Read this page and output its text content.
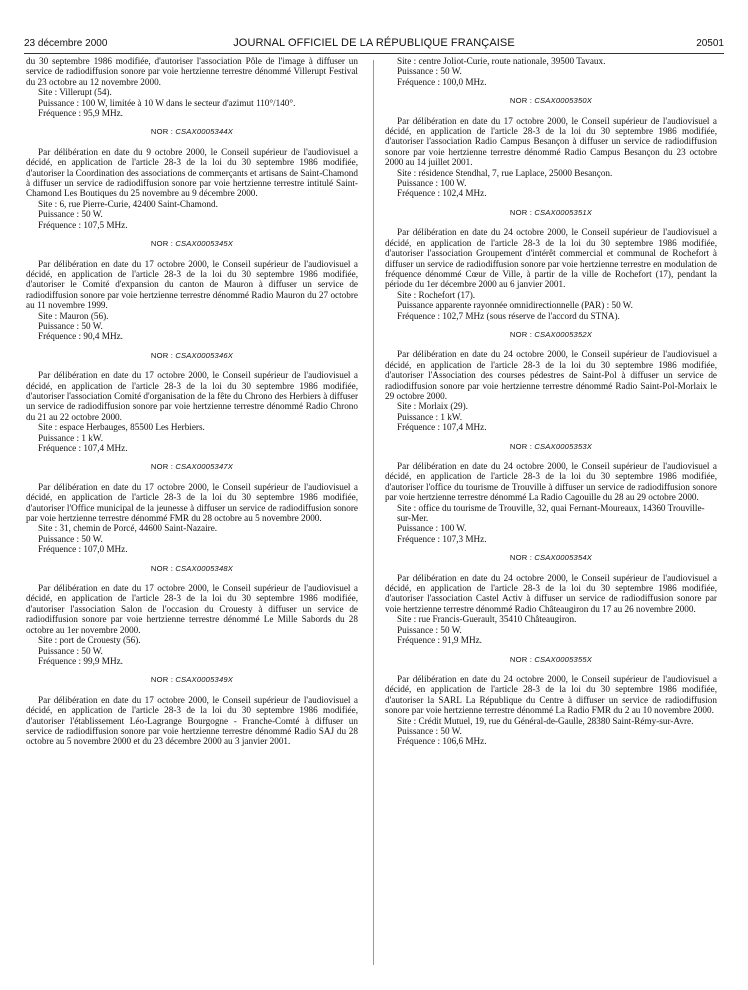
23 décembre 2000	JOURNAL OFFICIEL DE LA RÉPUBLIQUE FRANÇAISE	20501

du 30 septembre 1986 modifiée, d'autoriser l'association Pôle de l'image à diffuser un service de radiodiffusion sonore par voie hertzienne terrestre dénommé Villerupt Festival du 23 octobre au 12 novembre 2000.

Site : Villerupt (54).

Puissance : 100 W, limitée à 10 W dans le secteur d'azimut 110°/140°.

Fréquence : 95,9 MHz.

NOR : CSAX0005344X

Par délibération en date du 9 octobre 2000, le Conseil supérieur de l'audiovisuel a décidé, en application de l'article 28-3 de la loi du 30 septembre 1986 modifiée, d'autoriser la Coordination des associations de commerçants et artisans de Saint-Chamond à diffuser un service de radiodiffusion sonore par voie hertzienne terrestre intitulé Saint-Chamond Les Boutiques du 25 novembre au 9 décembre 2000.

Site : 6, rue Pierre-Curie, 42400 Saint-Chamond.

Puissance : 50 W.

Fréquence : 107,5 MHz.

NOR : CSAX0005345X

Par délibération en date du 17 octobre 2000, le Conseil supérieur de l'audiovisuel a décidé, en application de l'article 28-3 de la loi du 30 septembre 1986 modifiée, d'autoriser le Comité d'expansion du canton de Mauron à diffuser un service de radiodiffusion sonore par voie hertzienne terrestre dénommé Radio Mauron du 27 octobre au 11 novembre 1999.

Site : Mauron (56).

Puissance : 50 W.

Fréquence : 90,4 MHz.

NOR : CSAX0005346X

Par délibération en date du 17 octobre 2000, le Conseil supérieur de l'audiovisuel a décidé, en application de l'article 28-3 de la loi du 30 septembre 1986 modifiée, d'autoriser l'association Comité d'organisation de la fête du Chrono des Herbiers à diffuser un service de radiodiffusion sonore par voie hertzienne terrestre dénommé Radio Chrono du 21 au 22 octobre 2000.

Site : espace Herbauges, 85500 Les Herbiers.

Puissance : 1 kW.

Fréquence : 107,4 MHz.

NOR : CSAX0005347X

Par délibération en date du 17 octobre 2000, le Conseil supérieur de l'audiovisuel a décidé, en application de l'article 28-3 de la loi du 30 septembre 1986 modifiée, d'autoriser l'Office municipal de la jeunesse à diffuser un service de radiodiffusion sonore par voie hertzienne terrestre dénommé FMR du 28 octobre au 5 novembre 2000.

Site : 31, chemin de Porcé, 44600 Saint-Nazaire.

Puissance : 50 W.

Fréquence : 107,0 MHz.

NOR : CSAX0005348X

Par délibération en date du 17 octobre 2000, le Conseil supérieur de l'audiovisuel a décidé, en application de l'article 28-3 de la loi du 30 septembre 1986 modifiée, d'autoriser l'association Salon de l'occasion du Crouesty à diffuser un service de radiodiffusion sonore par voie hertzienne terrestre dénommé Le Mille Sabords du 28 octobre au 1er novembre 2000.

Site : port de Crouesty (56).

Puissance : 50 W.

Fréquence : 99,9 MHz.

NOR : CSAX0005349X

Par délibération en date du 17 octobre 2000, le Conseil supérieur de l'audiovisuel a décidé, en application de l'article 28-3 de la loi du 30 septembre 1986 modifiée, d'autoriser l'établissement Léo-Lagrange Bourgogne - Franche-Comté à diffuser un service de radiodiffusion sonore par voie hertzienne terrestre dénommé Radio SAJ du 28 octobre au 5 novembre 2000 et du 23 décembre 2000 au 3 janvier 2001.

Site : centre Joliot-Curie, route nationale, 39500 Tavaux.

Puissance : 50 W.

Fréquence : 100,0 MHz.

NOR : CSAX0005350X

Par délibération en date du 17 octobre 2000, le Conseil supérieur de l'audiovisuel a décidé, en application de l'article 28-3 de la loi du 30 septembre 1986 modifiée, d'autoriser l'association Radio Campus Besançon à diffuser un service de radiodiffusion sonore par voie hertzienne terrestre dénommé Radio Campus Besançon du 23 octobre 2000 au 14 juillet 2001.

Site : résidence Stendhal, 7, rue Laplace, 25000 Besançon.

Puissance : 100 W.

Fréquence : 102,4 MHz.

NOR : CSAX0005351X

Par délibération en date du 24 octobre 2000, le Conseil supérieur de l'audiovisuel a décidé, en application de l'article 28-3 de la loi du 30 septembre 1986 modifiée, d'autoriser l'association Groupement d'intérêt commercial et communal de Rochefort à diffuser un service de radiodiffusion sonore par voie hertzienne terrestre en modulation de fréquence dénommé Cœur de Ville, à partir de la ville de Rochefort (17), pendant la période du 1er décembre 2000 au 6 janvier 2001.

Site : Rochefort (17).

Puissance apparente rayonnée omnidirectionnelle (PAR) : 50 W.

Fréquence : 102,7 MHz (sous réserve de l'accord du STNA).

NOR : CSAX0005352X

Par délibération en date du 24 octobre 2000, le Conseil supérieur de l'audiovisuel a décidé, en application de l'article 28-3 de la loi du 30 septembre 1986 modifiée, d'autoriser l'Association des courses pédestres de Saint-Pol à diffuser un service de radiodiffusion sonore par voie hertzienne terrestre dénommé Radio Saint-Pol-Morlaix le 29 octobre 2000.

Site : Morlaix (29).

Puissance : 1 kW.

Fréquence : 107,4 MHz.

NOR : CSAX0005353X

Par délibération en date du 24 octobre 2000, le Conseil supérieur de l'audiovisuel a décidé, en application de l'article 28-3 de la loi du 30 septembre 1986 modifiée, d'autoriser l'office du tourisme de Trouville à diffuser un service de radiodiffusion sonore par voie hertzienne terrestre dénommé La Radio Cagouille du 28 au 29 octobre 2000.

Site : office du tourisme de Trouville, 32, quai Fernant-Moureaux, 14360 Trouville-sur-Mer.

Puissance : 100 W.

Fréquence : 107,3 MHz.

NOR : CSAX0005354X

Par délibération en date du 24 octobre 2000, le Conseil supérieur de l'audiovisuel a décidé, en application de l'article 28-3 de la loi du 30 septembre 1986 modifiée, d'autoriser l'association Castel Activ à diffuser un service de radiodiffusion sonore par voie hertzienne terrestre dénommé Radio Châteaugiron du 17 au 26 novembre 2000.

Site : rue Francis-Guerault, 35410 Châteaugiron.

Puissance : 50 W.

Fréquence : 91,9 MHz.

NOR : CSAX0005355X

Par délibération en date du 24 octobre 2000, le Conseil supérieur de l'audiovisuel a décidé, en application de l'article 28-3 de la loi du 30 septembre 1986 modifiée, d'autoriser la SARL La République du Centre à diffuser un service de radiodiffusion sonore par voie hertzienne terrestre dénommé La Radio FMR du 2 au 10 novembre 2000.

Site : Crédit Mutuel, 19, rue du Général-de-Gaulle, 28380 Saint-Rémy-sur-Avre.

Puissance : 50 W.

Fréquence : 106,6 MHz.
